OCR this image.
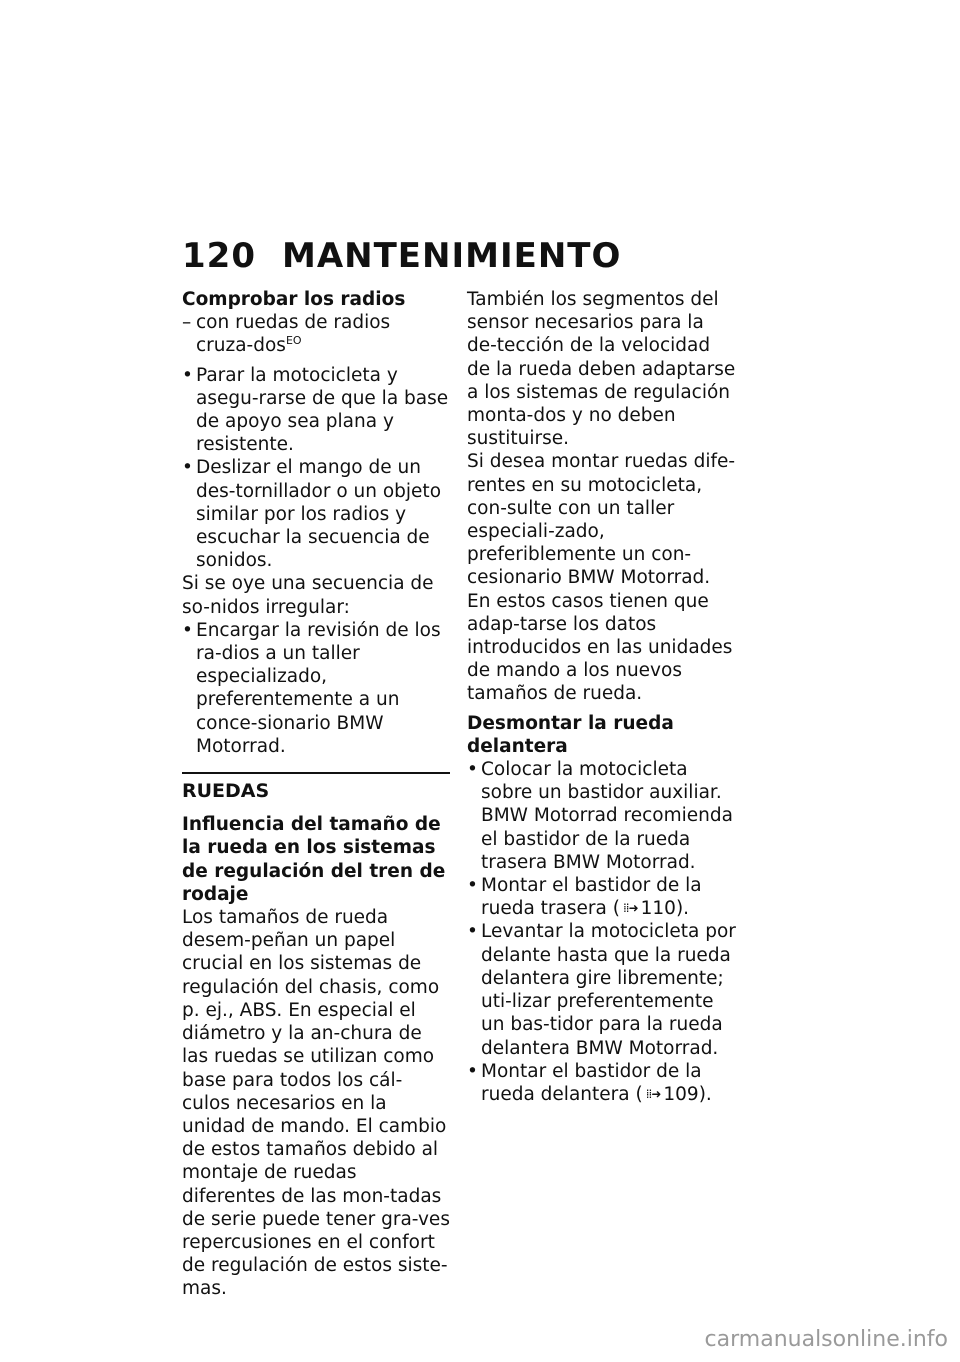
120 MANTENIMIENTO

Comprobar los radios

– con ruedas de radios cruza-dos$^{EO}$

• Parar la motocicleta y asegu-rarse de que la base de apoyo sea plana y resistente.

• Deslizar el mango de un des-tornillador o un objeto similar por los radios y escuchar la secuencia de sonidos.

Si se oye una secuencia de so-nidos irregular:

• Encargar la revisión de los ra-dios a un taller especializado, preferentemente a un conce-sionario BMW Motorrad.

RUEDAS

Influencia del tamaño de la rueda en los sistemas de regulación del tren de rodaje

Los tamaños de rueda desem-peñan un papel crucial en los sistemas de regulación del chasis, como p. ej., ABS. En especial el diámetro y la an-chura de las ruedas se utilizan como base para todos los cál-culos necesarios en la unidad de mando. El cambio de estos tamaños debido al montaje de ruedas diferentes de las mon-tadas de serie puede tener gra-ves repercusiones en el confort de regulación de estos siste-mas.

También los segmentos del sensor necesarios para la de-tección de la velocidad de la rueda deben adaptarse a los sistemas de regulación monta-dos y no deben sustituirse.

Si desea montar ruedas dife-rentes en su motocicleta, con-sulte con un taller especiali-zado, preferiblemente un con-cesionario BMW Motorrad. En estos casos tienen que adap-tarse los datos introducidos en las unidades de mando a los nuevos tamaños de rueda.

Desmontar la rueda delantera

• Colocar la motocicleta sobre un bastidor auxiliar. BMW Motorrad recomienda el bastidor de la rueda trasera BMW Motorrad.

• Montar el bastidor de la rueda trasera ( ⁞⁞➜ 110).

• Levantar la motocicleta por delante hasta que la rueda delantera gire libremente; uti-lizar preferentemente un bas-tidor para la rueda delantera BMW Motorrad.

• Montar el bastidor de la rueda delantera ( ⁞⁞➜ 109).

carmanualsonline.info
